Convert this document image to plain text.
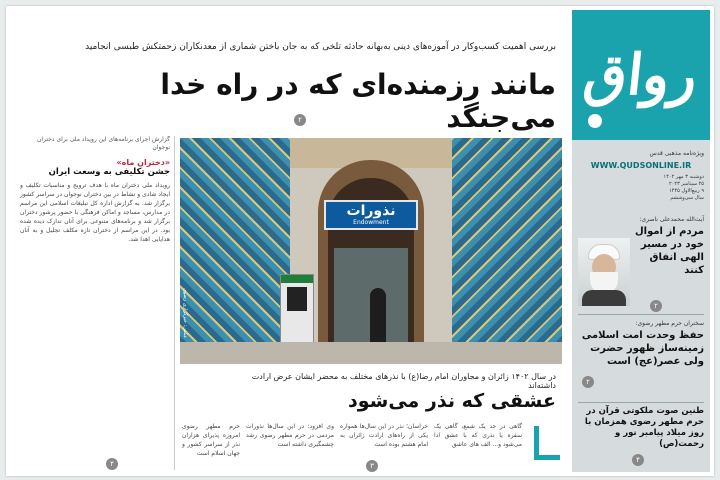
رواق
ویژه‌نامه مذهبی قدس
WWW.QUDSONLINE.IR
دوشنبه ۳ مهر ۱۴۰۲
۲۵ سپتامبر ۲۰۲۳
۹ ربیع‌الاول ۱۴۴۵
سال سی‌وششم
آیت‌الله محمدعلی ناصری:
مردم از اموال خود در مسیر الهی انفاق کنند
۲
سخنران حرم مطهر رضوی:
حفظ وحدت امت اسلامی زمینه‌ساز ظهور حضرت ولی عصر(عج) است
۲
طنین صوت ملکوتی قرآن در حرم مطهر رضوی همزمان با روز میلاد پیامبر نور و رحمت(ص)
۴
بررسی اهمیت کسب‌وکار در آموزه‌های دینی به‌بهانه حادثه تلخی که به جان باختن شماری از معدنکاران زحمتکش طبسی انجامید
مانند رزمنده‌ای که در راه خدا می‌جنگد
۲
گزارش اجرای برنامه‌های این رویداد ملی برای دختران نوجوان
«دختران ماه»
جشن تکلیفی به وسعت ایران
رویداد ملی دختران ماه با هدف ترویج و مناسبات تکلیف و ایجاد شادی و نشاط در بین دختران نوجوان در سراسر کشور برگزار شد. به گزارش اداره کل تبلیغات اسلامی این مراسم در مدارس، مساجد و اماکن فرهنگی با حضور پرشور دختران برگزار شد و برنامه‌های متنوعی برای آنان تدارک دیده شده بود. در این مراسم از دختران تازه مکلف تجلیل و به آنان هدایایی اهدا شد.
۴
نذورات
Endowment
عکس: خبرگزاری رضوی
در سال ۱۴۰۲ زائران و مجاوران امام رضا(ع) با نذرهای مختلف به محضر ایشان عرض ارادت داشته‌اند
عشقی که نذر می‌شود
گاهی در حد یک شمع، گاهی یک سفره یا نذری که با عشق ادا می‌شود و... الف های عاشق
خراسان؛ نذر در این سال‌ها همواره یکی از راه‌های ارادت زائران به امام هشتم بوده است
وی افزود: در این سال‌ها نذورات مردمی در حرم مطهر رضوی رشد چشمگیری داشته است
حرم مطهر رضوی امروزه پذیرای هزاران نذر از سراسر کشور و جهان اسلام است
۳
